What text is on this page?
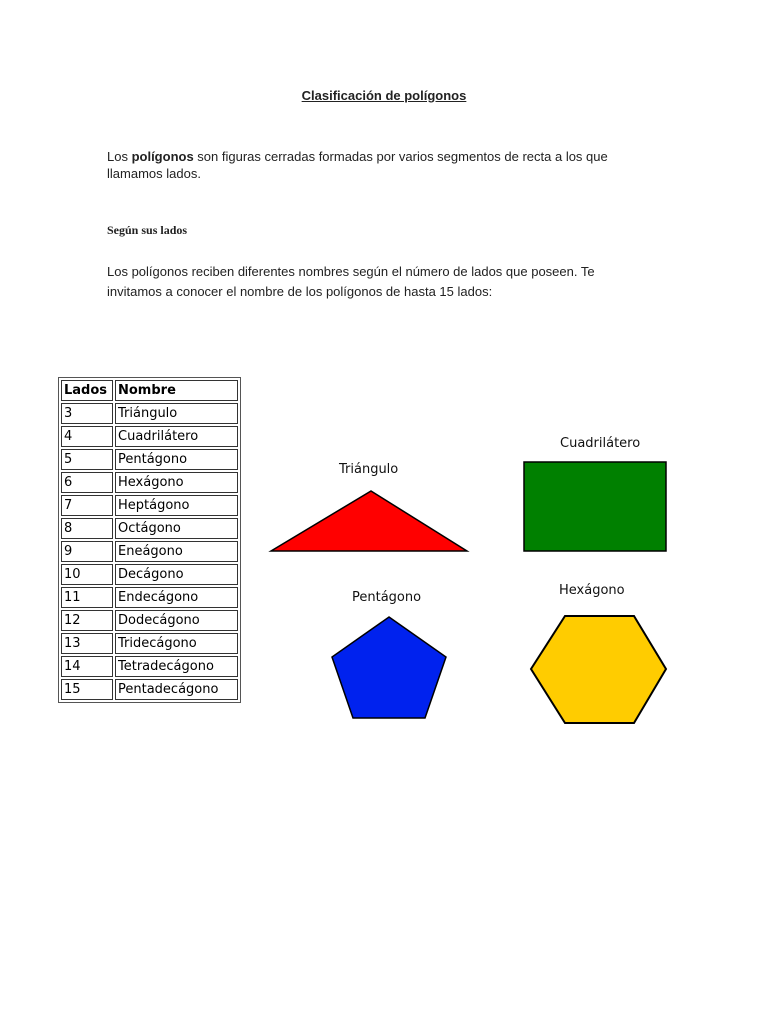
Clasificación de polígonos
Los polígonos son figuras cerradas formadas por varios segmentos de recta a los que llamamos lados.
Según sus lados
Los polígonos reciben diferentes nombres según el número de lados que poseen. Te invitamos a conocer el nombre de los polígonos de hasta 15 lados:
Lados	Nombre
3	Triángulo
4	Cuadrilátero
5	Pentágono
6	Hexágono
7	Heptágono
8	Octágono
9	Eneágono
10	Decágono
11	Endecágono
12	Dodecágono
13	Tridecágono
14	Tetradecágono
15	Pentadecágono
Triángulo
Cuadrilátero
Pentágono	Hexágono
